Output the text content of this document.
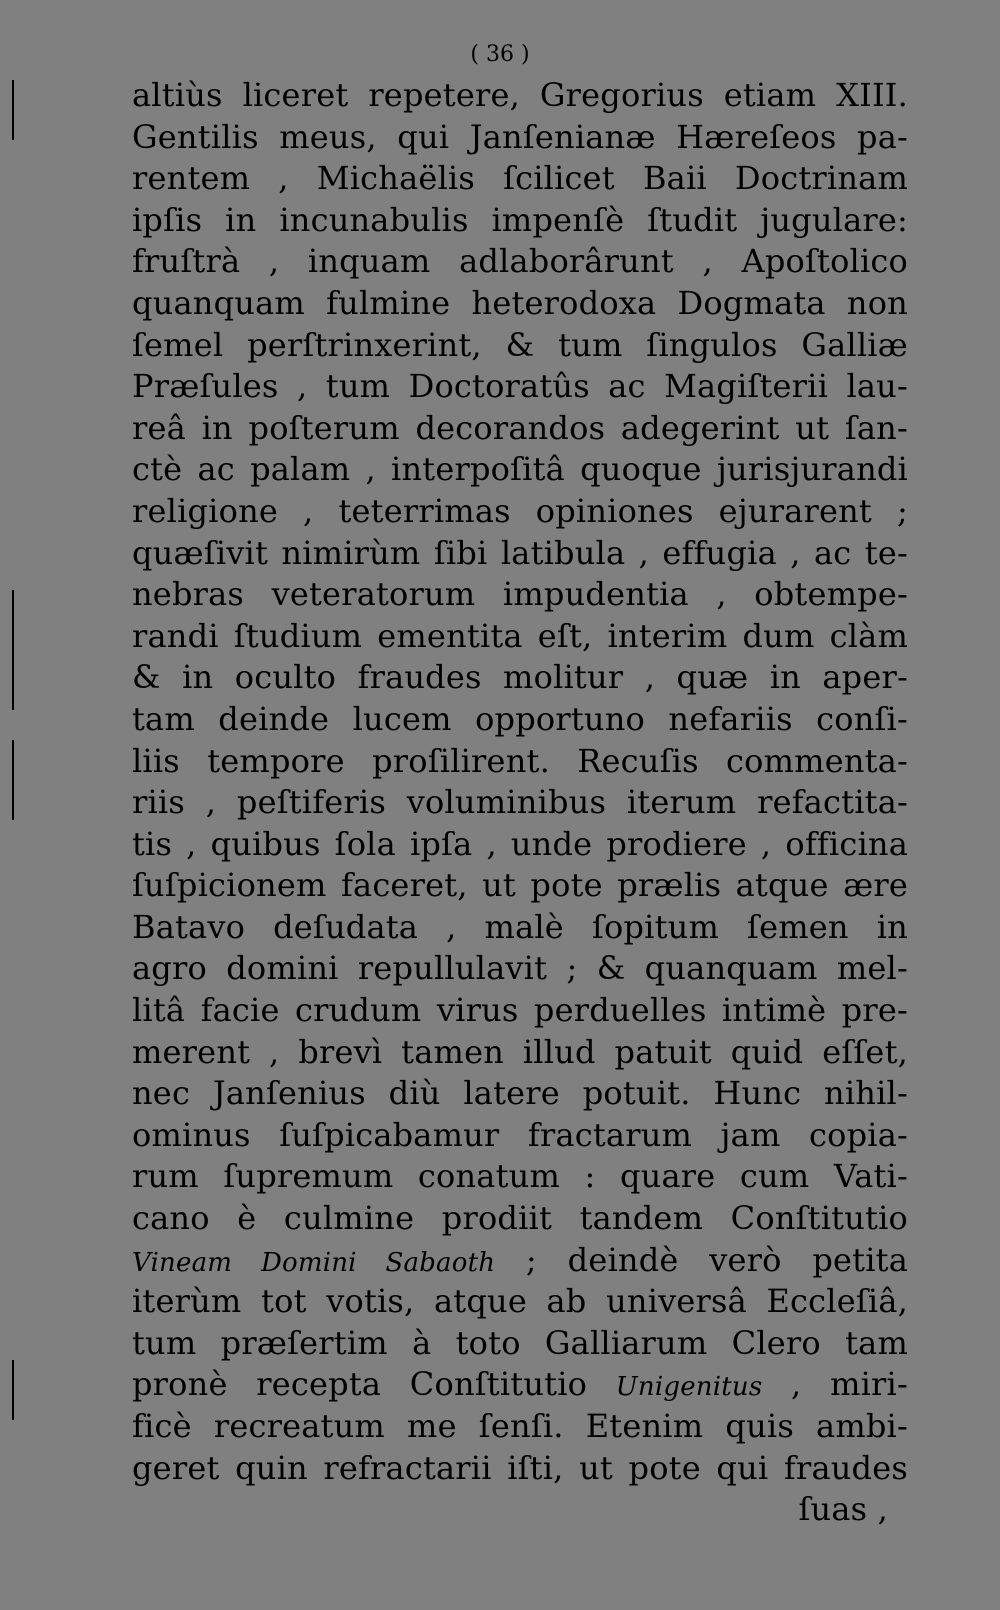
( 36 )
altiùs liceret repetere, Gregorius etiam XIII.
Gentilis meus, qui Janſenianæ Hæreſeos pa-
rentem , Michaëlis ſcilicet Baii Doctrinam
ipſis in incunabulis impenſè ſtudit jugulare:
fruſtrà , inquam adlaborârunt , Apoſtolico
quanquam fulmine heterodoxa Dogmata non
ſemel perſtrinxerint, & tum ſingulos Galliæ
Præſules , tum Doctoratûs ac Magiſterii lau-
reâ in poſterum decorandos adegerint ut ſan-
ctè ac palam , interpoſitâ quoque jurisjurandi
religione , teterrimas opiniones ejurarent ;
quæſivit nimirùm ſibi latibula , effugia , ac te-
nebras veteratorum impudentia , obtempe-
randi ſtudium ementita eſt, interim dum clàm
& in oculto fraudes molitur , quæ in aper-
tam deinde lucem opportuno nefariis conſi-
liis tempore proſilirent. Recuſis commenta-
riis , peſtiferis voluminibus iterum refactita-
tis , quibus ſola ipſa , unde prodiere , officina
ſuſpicionem faceret, ut pote prælis atque ære
Batavo deſudata , malè ſopitum ſemen in
agro domini repullulavit ; & quanquam mel-
litâ facie crudum virus perduelles intimè pre-
merent , brevì tamen illud patuit quid eſſet,
nec Janſenius diù latere potuit. Hunc nihil-
ominus ſuſpicabamur fractarum jam copia-
rum ſupremum conatum : quare cum Vati-
cano è culmine prodiit tandem Conſtitutio
Vineam Domini Sabaoth ; deindè verò petita
iterùm tot votis, atque ab universâ Eccleſiâ,
tum præſertim à toto Galliarum Clero tam
pronè recepta Conſtitutio Unigenitus , miri-
ficè recreatum me ſenſi. Etenim quis ambi-
geret quin refractarii iſti, ut pote qui fraudes
ſuas ,
